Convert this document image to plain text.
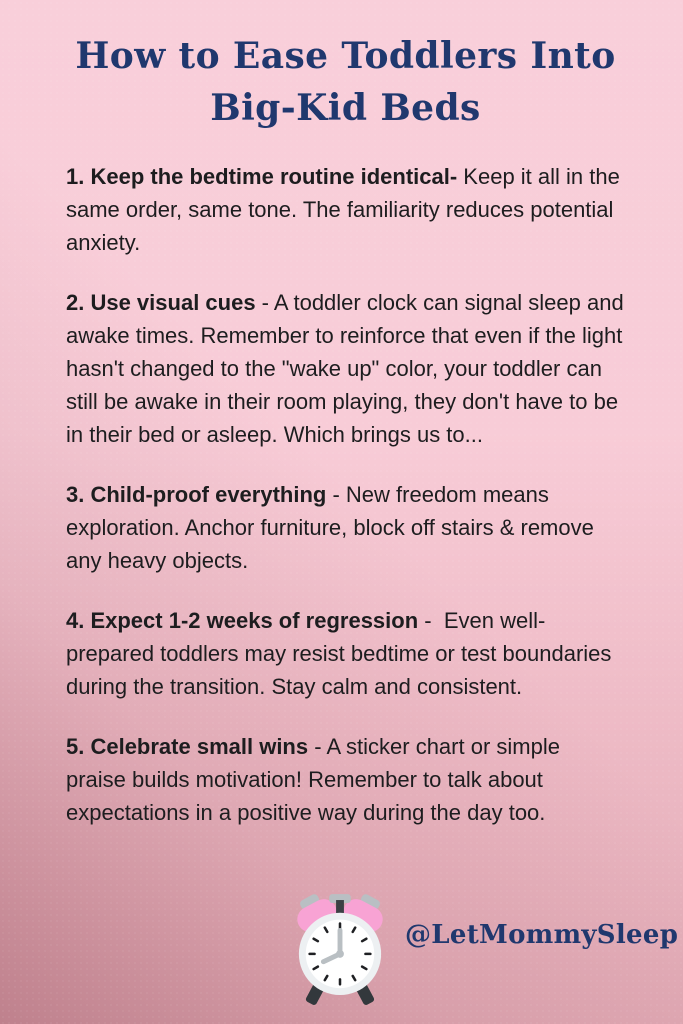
How to Ease Toddlers Into
Big-Kid Beds

1. Keep the bedtime routine identical- Keep it all in the same order, same tone. The familiarity reduces potential anxiety.

2. Use visual cues - A toddler clock can signal sleep and awake times. Remember to reinforce that even if the light hasn't changed to the "wake up" color, your toddler can still be awake in their room playing, they don't have to be in their bed or asleep. Which brings us to...

3. Child-proof everything - New freedom means exploration. Anchor furniture, block off stairs & remove any heavy objects.

4. Expect 1-2 weeks of regression -  Even well-prepared toddlers may resist bedtime or test boundaries during the transition. Stay calm and consistent.

5. Celebrate small wins - A sticker chart or simple praise builds motivation! Remember to talk about expectations in a positive way during the day too.

@LetMommySleep
